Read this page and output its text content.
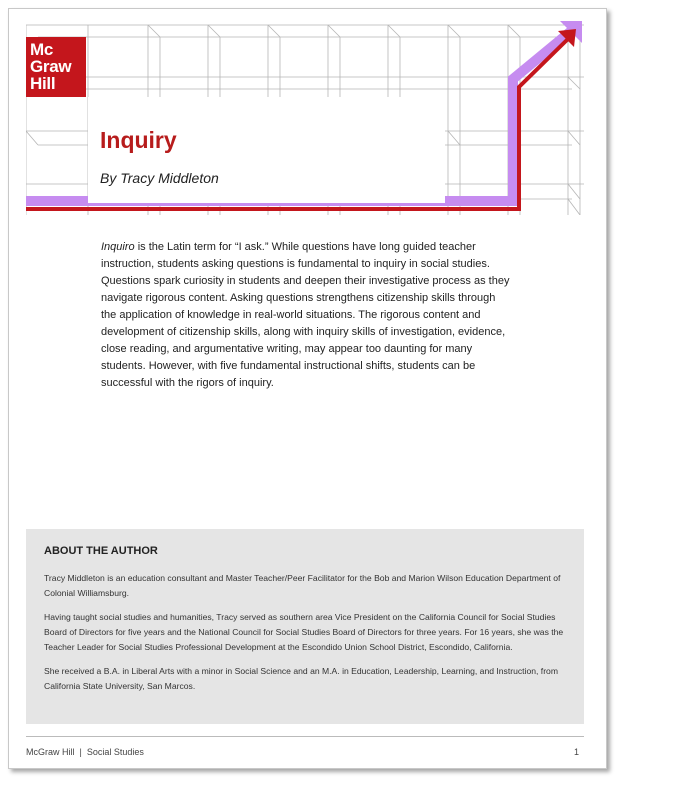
Mc
Graw
Hill
Inquiry

By Tracy Middleton

Inquiro is the Latin term for “I ask.” While questions have long guided teacher instruction, students asking questions is fundamental to inquiry in social studies. Questions spark curiosity in students and deepen their investigative process as they navigate rigorous content. Asking questions strengthens citizenship skills through the application of knowledge in real-world situations. The rigorous content and development of citizenship skills, along with inquiry skills of investigation, evidence, close reading, and argumentative writing, may appear too daunting for many students. However, with five fundamental instructional shifts, students can be successful with the rigors of inquiry.

ABOUT THE AUTHOR

Tracy Middleton is an education consultant and Master Teacher/Peer Facilitator for the Bob and Marion Wilson Education Department of Colonial Williamsburg.

Having taught social studies and humanities, Tracy served as southern area Vice President on the California Council for Social Studies Board of Directors for five years and the National Council for Social Studies Board of Directors for three years. For 16 years, she was the Teacher Leader for Social Studies Professional Development at the Escondido Union School District, Escondido, California.

She received a B.A. in Liberal Arts with a minor in Social Science and an M.A. in Education, Leadership, Learning, and Instruction, from California State University, San Marcos.

McGraw Hill  |  Social Studies	1
